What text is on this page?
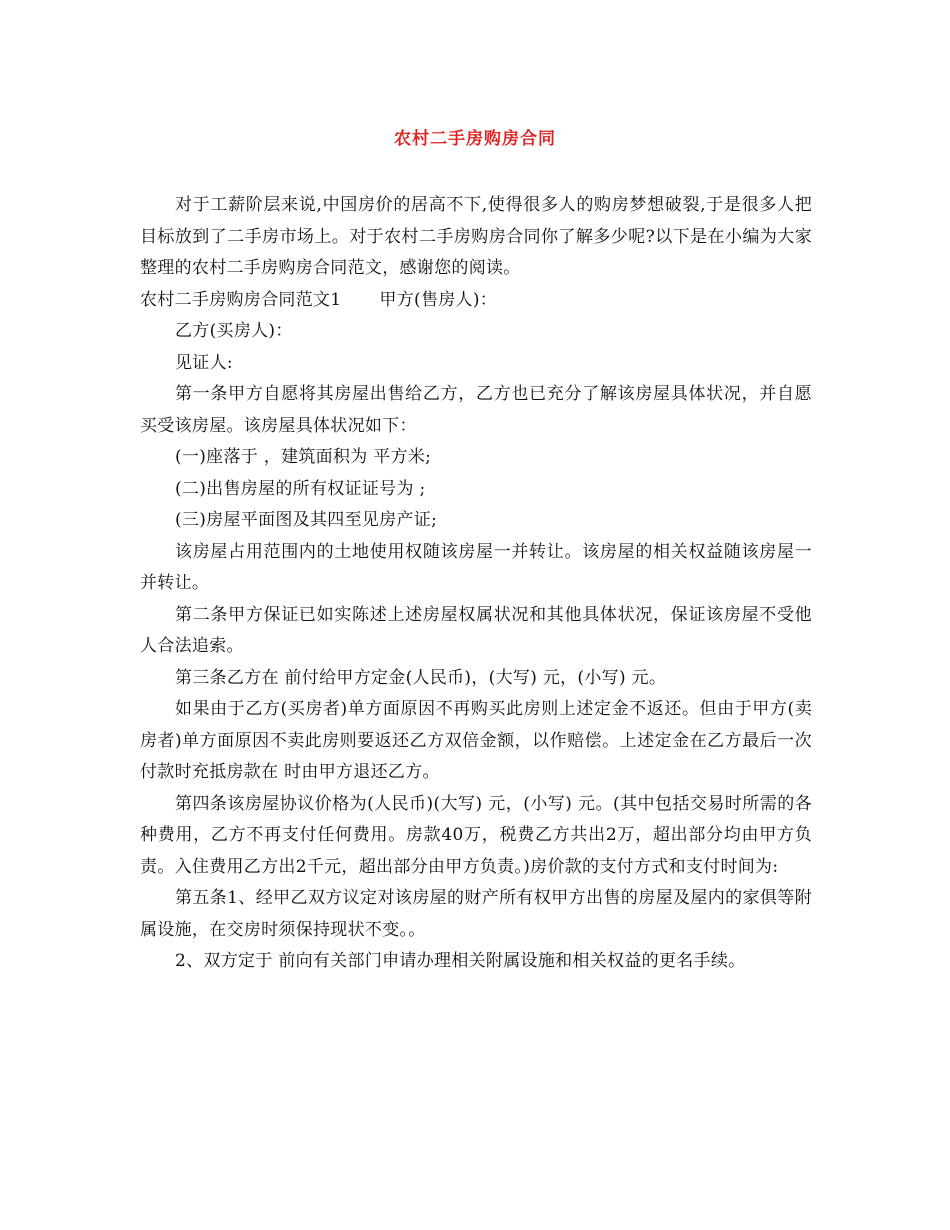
农村二手房购房合同

对于工薪阶层来说,中国房价的居高不下,使得很多人的购房梦想破裂,于是很多人把目标放到了二手房市场上。对于农村二手房购房合同你了解多少呢?以下是在小编为大家整理的农村二手房购房合同范文，感谢您的阅读。

农村二手房购房合同范文1 甲方(售房人)：

乙方(买房人)：

见证人:

第一条甲方自愿将其房屋出售给乙方，乙方也已充分了解该房屋具体状况，并自愿买受该房屋。该房屋具体状况如下：

(一)座落于 ，建筑面积为 平方米;

(二)出售房屋的所有权证证号为 ;

(三)房屋平面图及其四至见房产证;

该房屋占用范围内的土地使用权随该房屋一并转让。该房屋的相关权益随该房屋一并转让。

第二条甲方保证已如实陈述上述房屋权属状况和其他具体状况，保证该房屋不受他人合法追索。

第三条乙方在 前付给甲方定金(人民币)，(大写) 元，(小写) 元。

如果由于乙方(买房者)单方面原因不再购买此房则上述定金不返还。但由于甲方(卖房者)单方面原因不卖此房则要返还乙方双倍金额，以作赔偿。上述定金在乙方最后一次付款时充抵房款在 时由甲方退还乙方。

第四条该房屋协议价格为(人民币)(大写) 元，(小写) 元。(其中包括交易时所需的各种费用，乙方不再支付任何费用。房款40万，税费乙方共出2万，超出部分均由甲方负责。入住费用乙方出2千元，超出部分由甲方负责。)房价款的支付方式和支付时间为:

第五条1、经甲乙双方议定对该房屋的财产所有权甲方出售的房屋及屋内的家俱等附属设施，在交房时须保持现状不变。。

2、双方定于 前向有关部门申请办理相关附属设施和相关权益的更名手续。
